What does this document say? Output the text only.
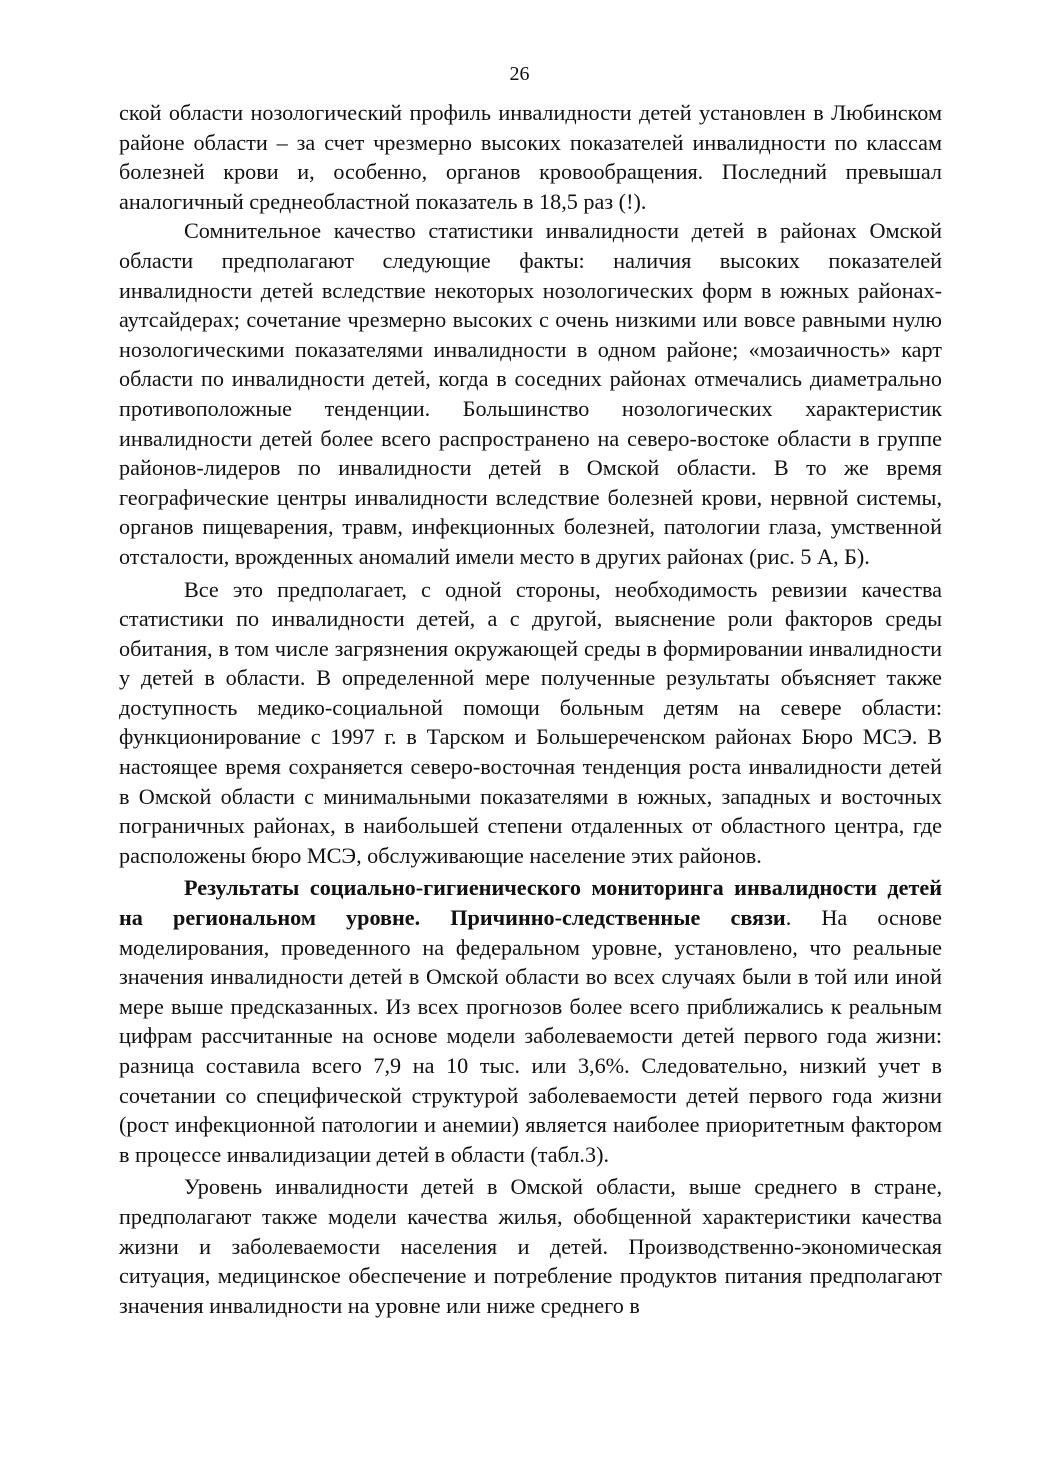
26

ской области нозологический профиль инвалидности детей установлен в Любинском районе области – за счет чрезмерно высоких показателей инвалидности по классам болезней крови и, особенно, органов кровообращения. Последний превышал аналогичный среднеобластной показатель в 18,5 раз (!).

Сомнительное качество статистики инвалидности детей в районах Омской области предполагают следующие факты: наличия высоких показателей инвалидности детей вследствие некоторых нозологических форм в южных районах-аутсайдерах; сочетание чрезмерно высоких с очень низкими или вовсе равными нулю нозологическими показателями инвалидности в одном районе; «мозаичность» карт области по инвалидности детей, когда в соседних районах отмечались диаметрально противоположные тенденции. Большинство нозологических характеристик инвалидности детей более всего распространено на северо-востоке области в группе районов-лидеров по инвалидности детей в Омской области. В то же время географические центры инвалидности вследствие болезней крови, нервной системы, органов пищеварения, травм, инфекционных болезней, патологии глаза, умственной отсталости, врожденных аномалий имели место в других районах (рис. 5 А, Б).

Все это предполагает, с одной стороны, необходимость ревизии качества статистики по инвалидности детей, а с другой, выяснение роли факторов среды обитания, в том числе загрязнения окружающей среды в формировании инвалидности у детей в области. В определенной мере полученные результаты объясняет также доступность медико-социальной помощи больным детям на севере области: функционирование с 1997 г. в Тарском и Большереченском районах Бюро МСЭ. В настоящее время сохраняется северо-восточная тенденция роста инвалидности детей в Омской области с минимальными показателями в южных, западных и восточных пограничных районах, в наибольшей степени отдаленных от областного центра, где расположены бюро МСЭ, обслуживающие население этих районов.

Результаты социально-гигиенического мониторинга инвалидности детей на региональном уровне. Причинно-следственные связи. На основе моделирования, проведенного на федеральном уровне, установлено, что реальные значения инвалидности детей в Омской области во всех случаях были в той или иной мере выше предсказанных. Из всех прогнозов более всего приближались к реальным цифрам рассчитанные на основе модели заболеваемости детей первого года жизни: разница составила всего 7,9 на 10 тыс. или 3,6%. Следовательно, низкий учет в сочетании со специфической структурой заболеваемости детей первого года жизни (рост инфекционной патологии и анемии) является наиболее приоритетным фактором в процессе инвалидизации детей в области (табл.3).

Уровень инвалидности детей в Омской области, выше среднего в стране, предполагают также модели качества жилья, обобщенной характеристики качества жизни и заболеваемости населения и детей. Производственно-экономическая ситуация, медицинское обеспечение и потребление продуктов питания предполагают значения инвалидности на уровне или ниже среднего в
